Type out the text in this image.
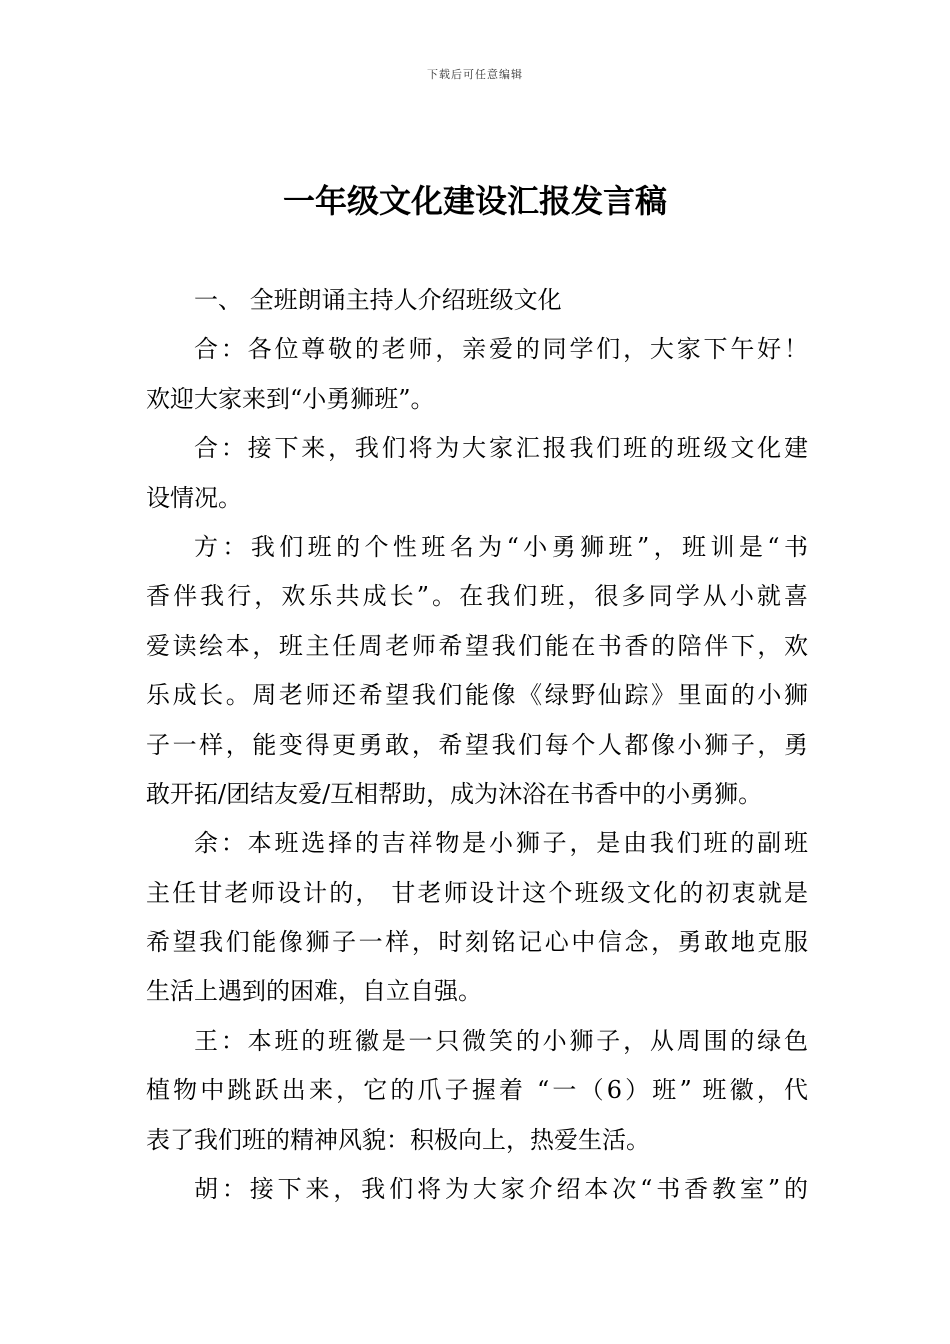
下载后可任意编辑
一年级文化建设汇报发言稿
一、 全班朗诵主持人介绍班级文化
合：各位尊敬的老师，亲爱的同学们，大家下午好！
欢迎大家来到“小勇狮班”。
合：接下来，我们将为大家汇报我们班的班级文化建
设情况。
方：我们班的个性班名为“小勇狮班”，班训是“书
香伴我行，欢乐共成长”。在我们班，很多同学从小就喜
爱读绘本，班主任周老师希望我们能在书香的陪伴下，欢
乐成长。周老师还希望我们能像《绿野仙踪》里面的小狮
子一样，能变得更勇敢，希望我们每个人都像小狮子，勇
敢开拓/团结友爱/互相帮助，成为沐浴在书香中的小勇狮。
余：本班选择的吉祥物是小狮子，是由我们班的副班
主任甘老师设计的， 甘老师设计这个班级文化的初衷就是
希望我们能像狮子一样，时刻铭记心中信念，勇敢地克服
生活上遇到的困难，自立自强。
王：本班的班徽是一只微笑的小狮子，从周围的绿色
植物中跳跃出来，它的爪子握着 “一（6）班” 班徽，代
表了我们班的精神风貌：积极向上，热爱生活。
胡：接下来，我们将为大家介绍本次“书香教室”的
